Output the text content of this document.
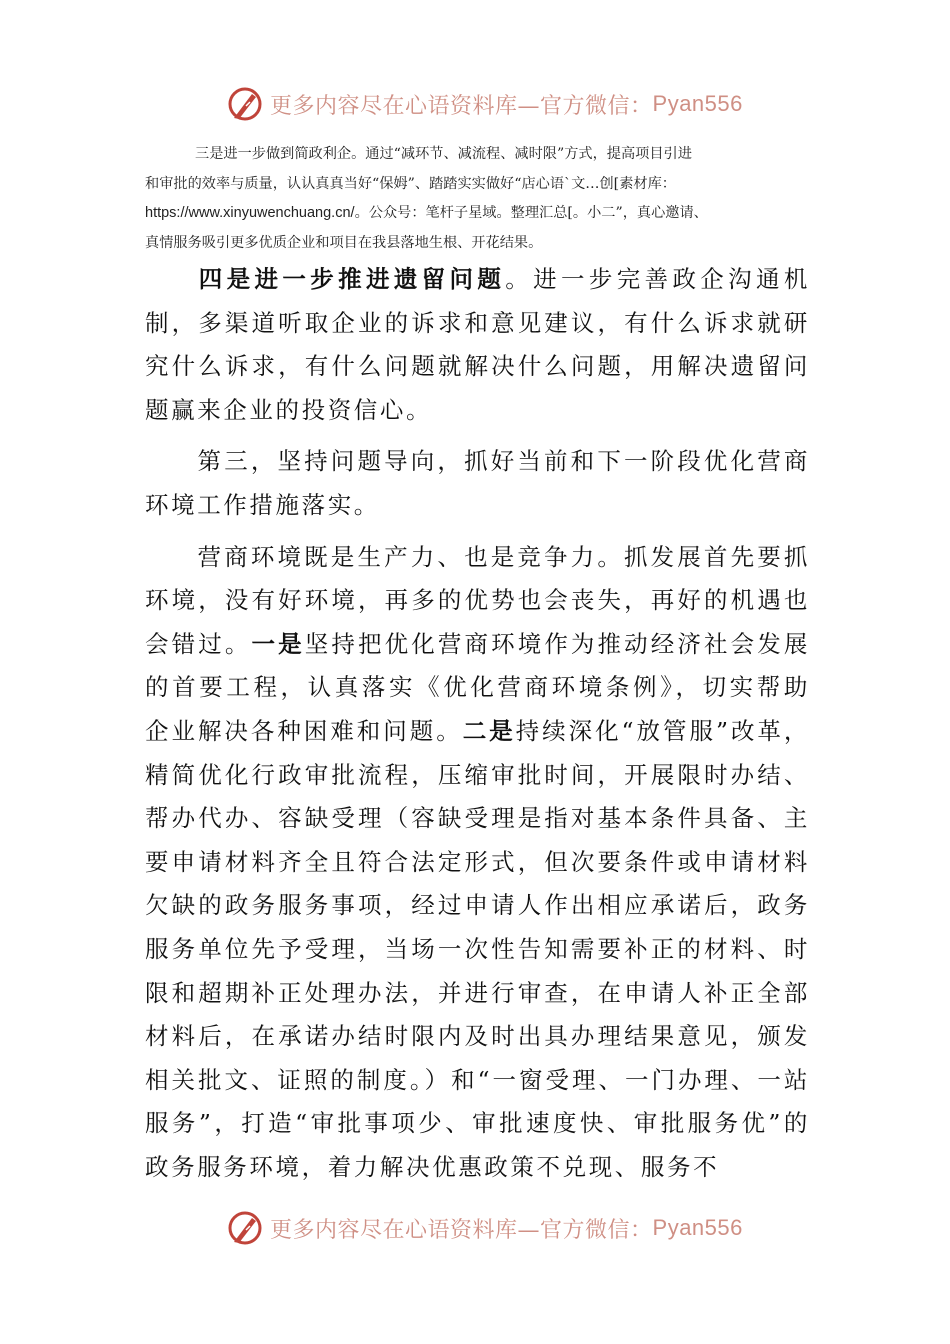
更多内容尽在心语资料库—官方微信： Pyan556
三是进一步做到简政利企。通过“减环节、减流程、减时限”方式，提高项目引进
和审批的效率与质量，认认真真当好“保姆”、踏踏实实做好“店心语`文…创[素材库：
https://www.xinyuwenchuang.cn/。公众号：笔杆子星域。整理汇总[。小二”，真心邀请、
真情服务吸引更多优质企业和项目在我县落地生根、开花结果。

四是进一步推进遗留问题。进一步完善政企沟通机制，多渠道听取企业的诉求和意见建议，有什么诉求就研究什么诉求，有什么问题就解决什么问题，用解决遗留问题赢来企业的投资信心。

第三，坚持问题导向，抓好当前和下一阶段优化营商环境工作措施落实。

营商环境既是生产力、也是竞争力。抓发展首先要抓环境，没有好环境，再多的优势也会丧失，再好的机遇也会错过。一是坚持把优化营商环境作为推动经济社会发展的首要工程，认真落实《优化营商环境条例》，切实帮助企业解决各种困难和问题。二是持续深化“放管服”改革，精简优化行政审批流程，压缩审批时间，开展限时办结、帮办代办、容缺受理（容缺受理是指对基本条件具备、主要申请材料齐全且符合法定形式，但次要条件或申请材料欠缺的政务服务事项，经过申请人作出相应承诺后，政务服务单位先予受理，当场一次性告知需要补正的材料、时限和超期补正处理办法，并进行审查，在申请人补正全部材料后，在承诺办结时限内及时出具办理结果意见，颁发相关批文、证照的制度。）和“一窗受理、一门办理、一站服务”，打造“审批事项少、审批速度快、审批服务优”的政务服务环境，着力解决优惠政策不兑现、服务不

更多内容尽在心语资料库—官方微信： Pyan556
